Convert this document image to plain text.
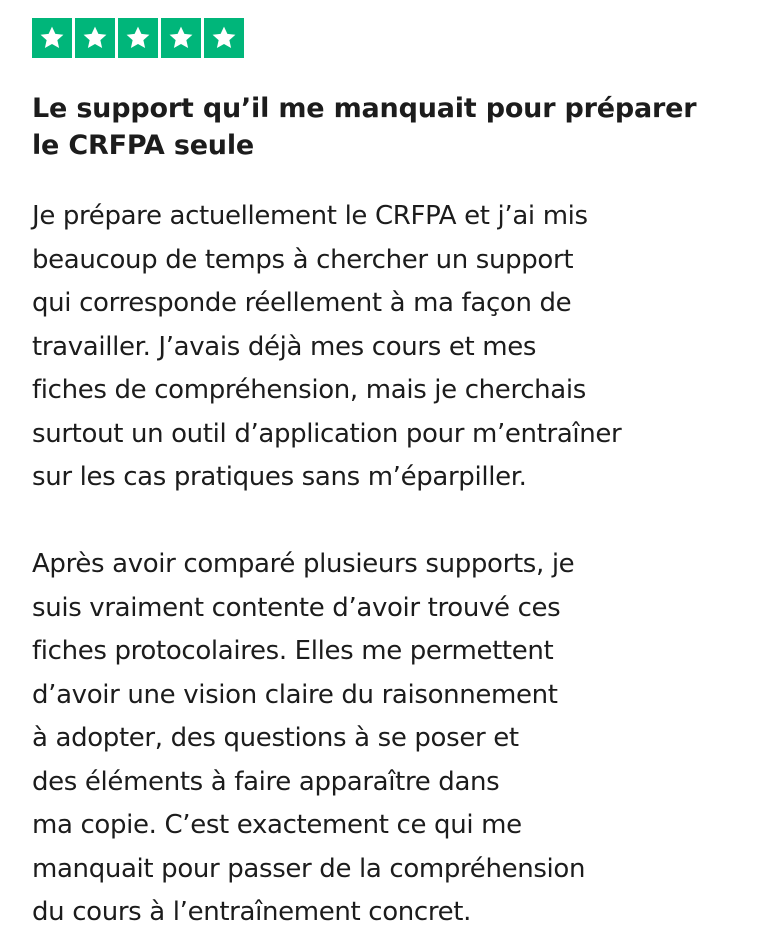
Le support qu’il me manquait pour préparer
le CRFPA seule

Je prépare actuellement le CRFPA et j’ai mis
beaucoup de temps à chercher un support
qui corresponde réellement à ma façon de
travailler. J’avais déjà mes cours et mes
fiches de compréhension, mais je cherchais
surtout un outil d’application pour m’entraîner
sur les cas pratiques sans m’éparpiller.

Après avoir comparé plusieurs supports, je
suis vraiment contente d’avoir trouvé ces
fiches protocolaires. Elles me permettent
d’avoir une vision claire du raisonnement
à adopter, des questions à se poser et
des éléments à faire apparaître dans
ma copie. C’est exactement ce qui me
manquait pour passer de la compréhension
du cours à l’entraînement concret.
